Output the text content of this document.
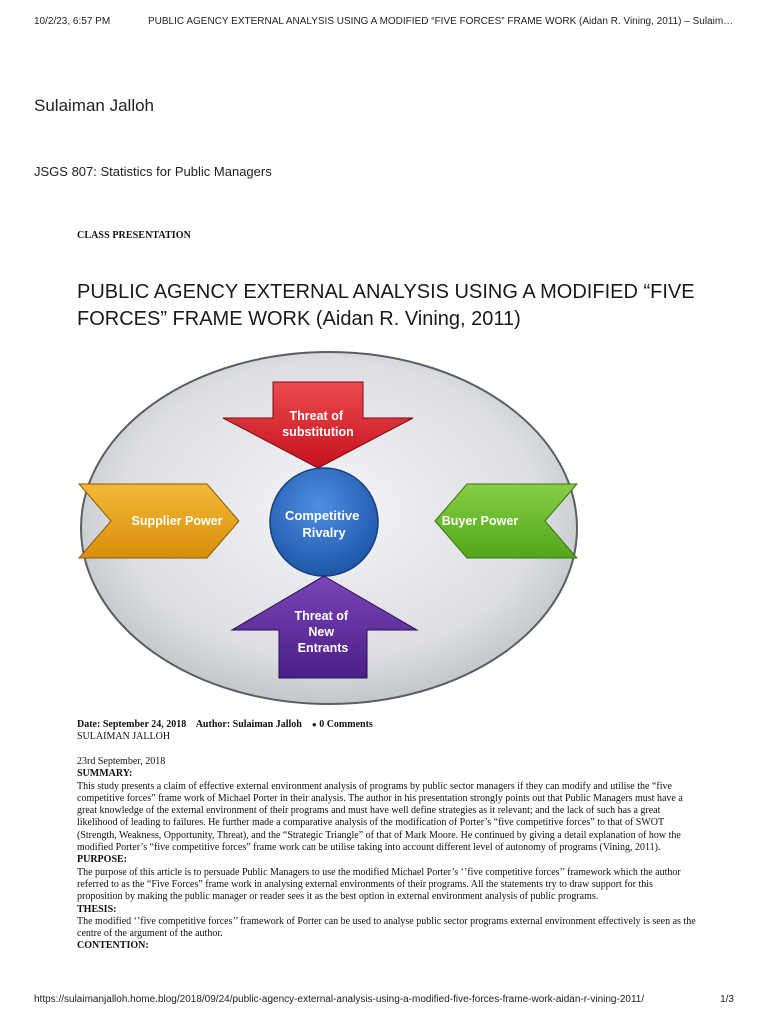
10/2/23, 6:57 PM	PUBLIC AGENCY EXTERNAL ANALYSIS USING A MODIFIED “FIVE FORCES” FRAME WORK (Aidan R. Vining, 2011) – Sulaim…
Sulaiman Jalloh
JSGS 807: Statistics for Public Managers
CLASS PRESENTATION
PUBLIC AGENCY EXTERNAL ANALYSIS USING A MODIFIED “FIVE FORCES” FRAME WORK (Aidan R. Vining, 2011)
Threat of substitution
Supplier Power	Buyer Power
Competitive Rivalry
Threat of New Entrants
Date: September 24, 2018 Author: Sulaiman Jalloh ● 0 Comments
SULAIMAN JALLOH

23rd September, 2018

SUMMARY:

This study presents a claim of effective external environment analysis of programs by public sector managers if they can modify and utilise the “five competitive forces” frame work of Michael Porter in their analysis. The author in his presentation strongly points out that Public Managers must have a great knowledge of the external environment of their programs and must have well define strategies as it relevant; and the lack of such has a great likelihood of leading to failures. He further made a comparative analysis of the modification of Porter’s “five competitive forces” to that of SWOT (Strength, Weakness, Opportunity, Threat), and the “Strategic Triangle” of that of Mark Moore. He continued by giving a detail explanation of how the modified Porter’s “five competitive forces” frame work can be utilise taking into account different level of autonomy of programs (Vining, 2011).

PURPOSE:

The purpose of this article is to persuade Public Managers to use the modified Michael Porter’s ‘’five competitive forces’’ framework which the author referred to as the “Five Forces” frame work in analysing external environments of their programs. All the statements try to draw support for this proposition by making the public manager or reader sees it as the best option in external environment analysis of public programs.

THESIS:

The modified ‘’five competitive forces’’ framework of Porter can be used to analyse public sector programs external environment effectively is seen as the centre of the argument of the author.

CONTENTION:

https://sulaimanjalloh.home.blog/2018/09/24/public-agency-external-analysis-using-a-modified-five-forces-frame-work-aidan-r-vining-2011/	1/3
